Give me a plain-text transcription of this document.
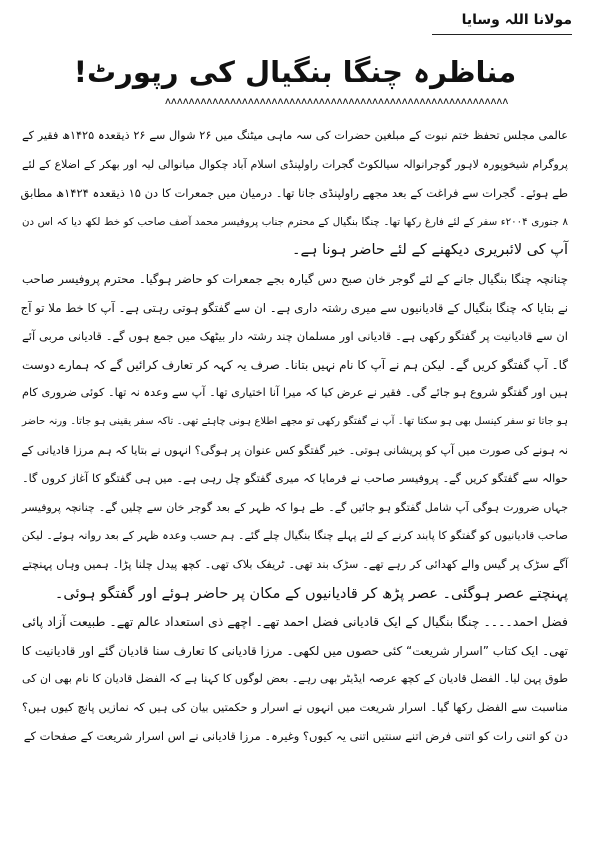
مولانا اللہ وسایا
مناظرہ چنگا بنگیال کی رپورٹ!
ʌʌʌʌʌʌʌʌʌʌʌʌʌʌʌʌʌʌʌʌʌʌʌʌʌʌʌʌʌʌʌʌʌʌʌʌʌʌʌʌʌʌʌʌʌʌʌʌʌʌʌʌʌʌʌʌʌʌ
عالمی مجلس تحفظ ختم نبوت کے مبلغین حضرات کی سہ ماہی میٹنگ میں ۲۶ شوال سے ۲۶ ذیقعدہ ۱۴۲۵ھ فقیر کے
پروگرام شیخوپورہ لاہور گوجرانوالہ سیالکوٹ گجرات راولپنڈی اسلام آباد چکوال میانوالی لیہ اور بھکر کے اضلاع کے لئے
طے ہوئے۔ گجرات سے فراغت کے بعد مجھے راولپنڈی جانا تھا۔ درمیان میں جمعرات کا دن ۱۵ ذیقعدہ ۱۴۲۴ھ مطابق
۸ جنوری ۲۰۰۴ء سفر کے لئے فارغ رکھا تھا۔ چنگا بنگیال کے محترم جناب پروفیسر محمد آصف صاحب کو خط لکھ دیا کہ اس دن
آپ کی لائبریری دیکھنے کے لئے حاضر ہونا ہے۔
چنانچہ چنگا بنگیال جانے کے لئے گوجر خان صبح دس گیارہ بجے جمعرات کو حاضر ہوگیا۔ محترم پروفیسر صاحب
نے بتایا کہ چنگا بنگیال کے قادیانیوں سے میری رشتہ داری ہے۔ ان سے گفتگو ہوتی رہتی ہے۔ آپ کا خط ملا تو آج
ان سے قادیانیت پر گفتگو رکھی ہے۔ قادیانی اور مسلمان چند رشتہ دار بیٹھک میں جمع ہوں گے۔ قادیانی مربی آئے
گا۔ آپ گفتگو کریں گے۔ لیکن ہم نے آپ کا نام نہیں بتانا۔ صرف یہ کہہ کر تعارف کرائیں گے کہ ہمارے دوست
ہیں اور گفتگو شروع ہو جائے گی۔ فقیر نے عرض کیا کہ میرا آنا اختیاری تھا۔ آپ سے وعدہ نہ تھا۔ کوئی ضروری کام
ہو جاتا تو سفر کینسل بھی ہو سکتا تھا۔ آپ نے گفتگو رکھی تو مجھے اطلاع ہونی چاہئے تھی۔ تاکہ سفر یقینی ہو جاتا۔ ورنہ حاضر
نہ ہونے کی صورت میں آپ کو پریشانی ہوتی۔ خیر گفتگو کس عنوان پر ہوگی؟ انہوں نے بتایا کہ ہم مرزا قادیانی کے
حوالہ سے گفتگو کریں گے۔ پروفیسر صاحب نے فرمایا کہ میری گفتگو چل رہی ہے۔ میں ہی گفتگو کا آغاز کروں گا۔
جہاں ضرورت ہوگی آپ شامل گفتگو ہو جائیں گے۔ طے ہوا کہ ظہر کے بعد گوجر خان سے چلیں گے۔ چنانچہ پروفیسر
صاحب قادیانیوں کو گفتگو کا پابند کرنے کے لئے پہلے چنگا بنگیال چلے گئے۔ ہم حسب وعدہ ظہر کے بعد روانہ ہوئے۔ لیکن
آگے سڑک پر گیس والے کھدائی کر رہے تھے۔ سڑک بند تھی۔ ٹریفک بلاک تھی۔ کچھ پیدل چلنا پڑا۔ ہمیں وہاں پہنچتے
پہنچتے عصر ہوگئی۔ عصر پڑھ کر قادیانیوں کے مکان پر حاضر ہوئے اور گفتگو ہوئی۔
فضل احمد۔۔۔۔ چنگا بنگیال کے ایک قادیانی فضل احمد تھے۔ اچھے ذی استعداد عالم تھے۔ طبیعت آزاد پائی
تھی۔ ایک کتاب ”اسرار شریعت“ کئی حصوں میں لکھی۔ مرزا قادیانی کا تعارف سنا قادیان گئے اور قادیانیت کا
طوق پہن لیا۔ الفضل قادیان کے کچھ عرصہ ایڈیٹر بھی رہے۔ بعض لوگوں کا کہنا ہے کہ الفضل قادیان کا نام بھی ان کی
مناسبت سے الفضل رکھا گیا۔ اسرار شریعت میں انہوں نے اسرار و حکمتیں بیان کی ہیں کہ نمازیں پانچ کیوں ہیں؟
دن کو اتنی رات کو اتنی فرض اتنے سنتیں اتنی یہ کیوں؟ وغیرہ۔ مرزا قادیانی نے اس اسرار شریعت کے صفحات کے
